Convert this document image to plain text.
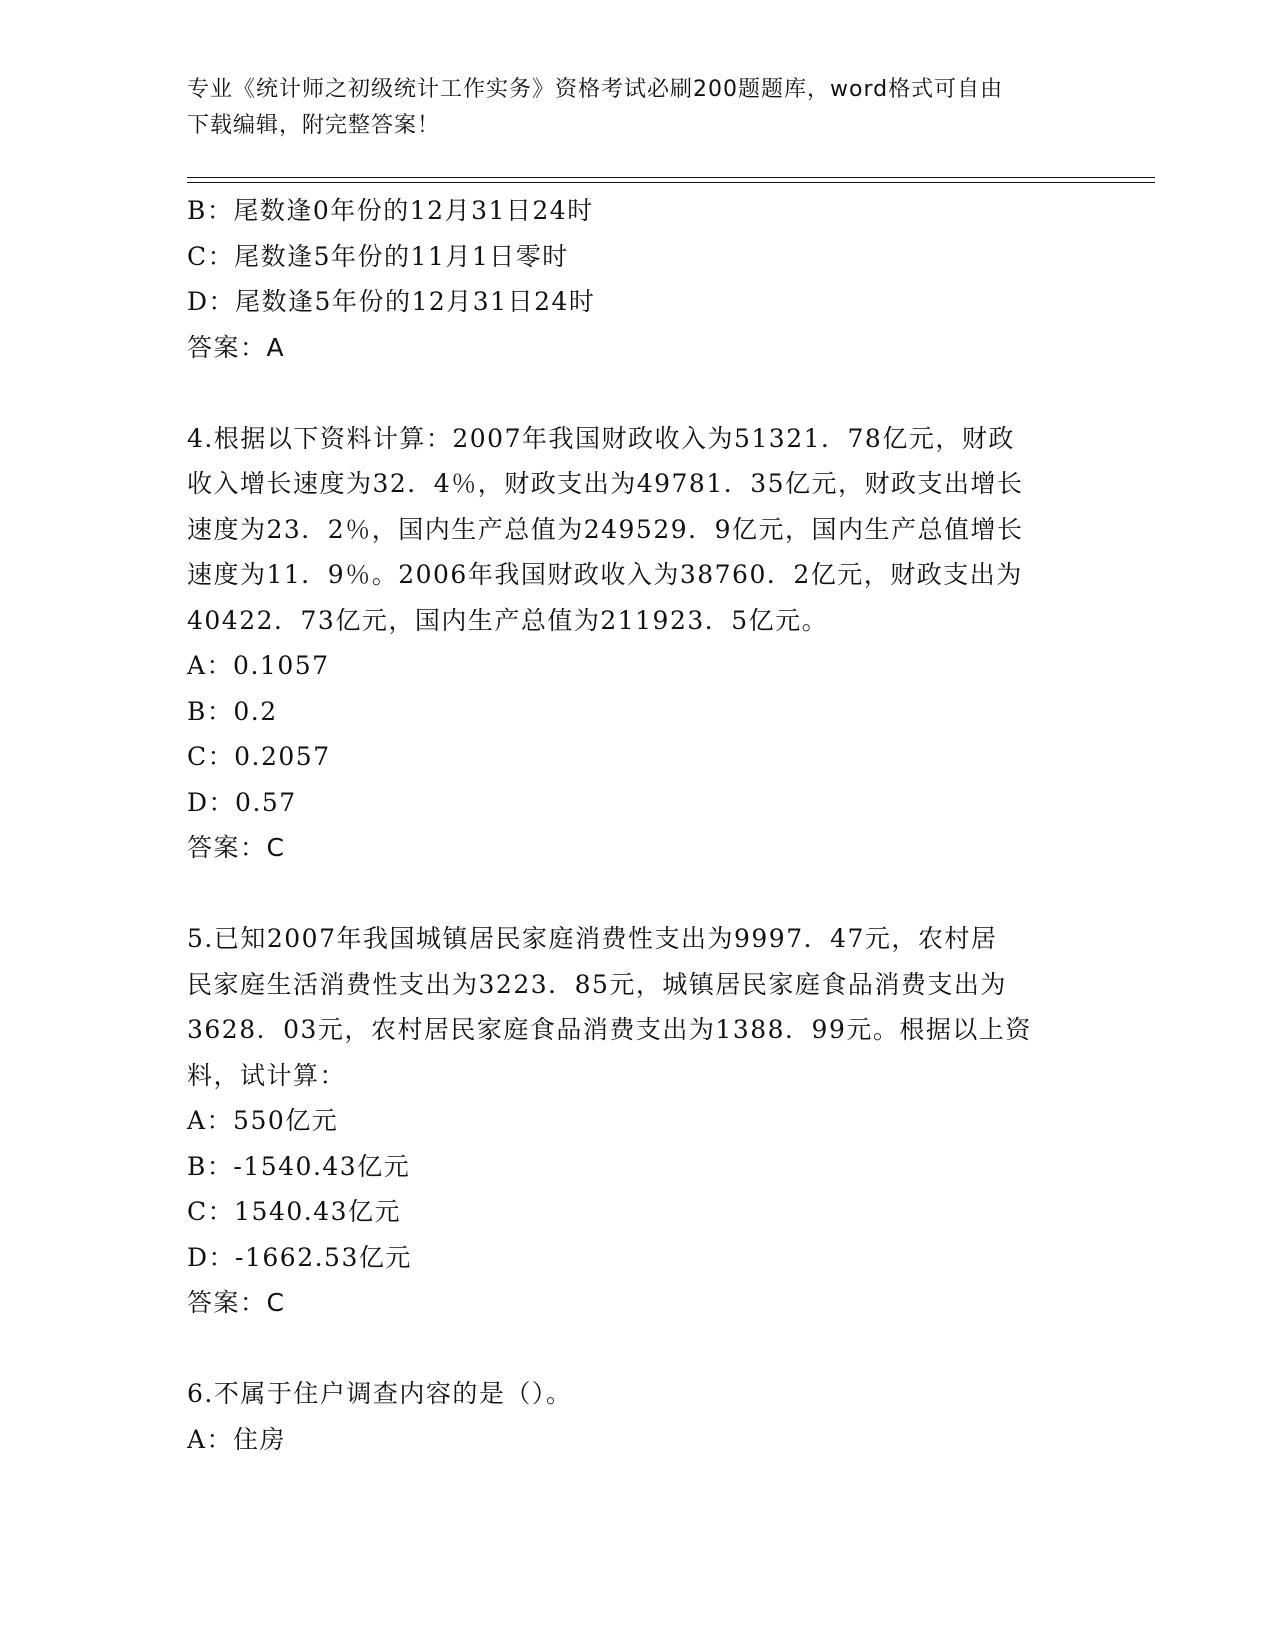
专业《统计师之初级统计工作实务》资格考试必刷200题题库，word格式可自由
下载编辑，附完整答案！
B：尾数逢0年份的12月31日24时
C：尾数逢5年份的11月1日零时
D：尾数逢5年份的12月31日24时
答案：A
4.根据以下资料计算：2007年我国财政收入为51321．78亿元，财政
收入增长速度为32．4％，财政支出为49781．35亿元，财政支出增长
速度为23．2％，国内生产总值为249529．9亿元，国内生产总值增长
速度为11．9％。2006年我国财政收入为38760．2亿元，财政支出为
40422．73亿元，国内生产总值为211923．5亿元。
A：0.1057
B：0.2
C：0.2057
D：0.57
答案：C
5.已知2007年我国城镇居民家庭消费性支出为9997．47元，农村居
民家庭生活消费性支出为3223．85元，城镇居民家庭食品消费支出为
3628．03元，农村居民家庭食品消费支出为1388．99元。根据以上资
料，试计算：
A：550亿元
B：-1540.43亿元
C：1540.43亿元
D：-1662.53亿元
答案：C
6.不属于住户调查内容的是（）。
A：住房
